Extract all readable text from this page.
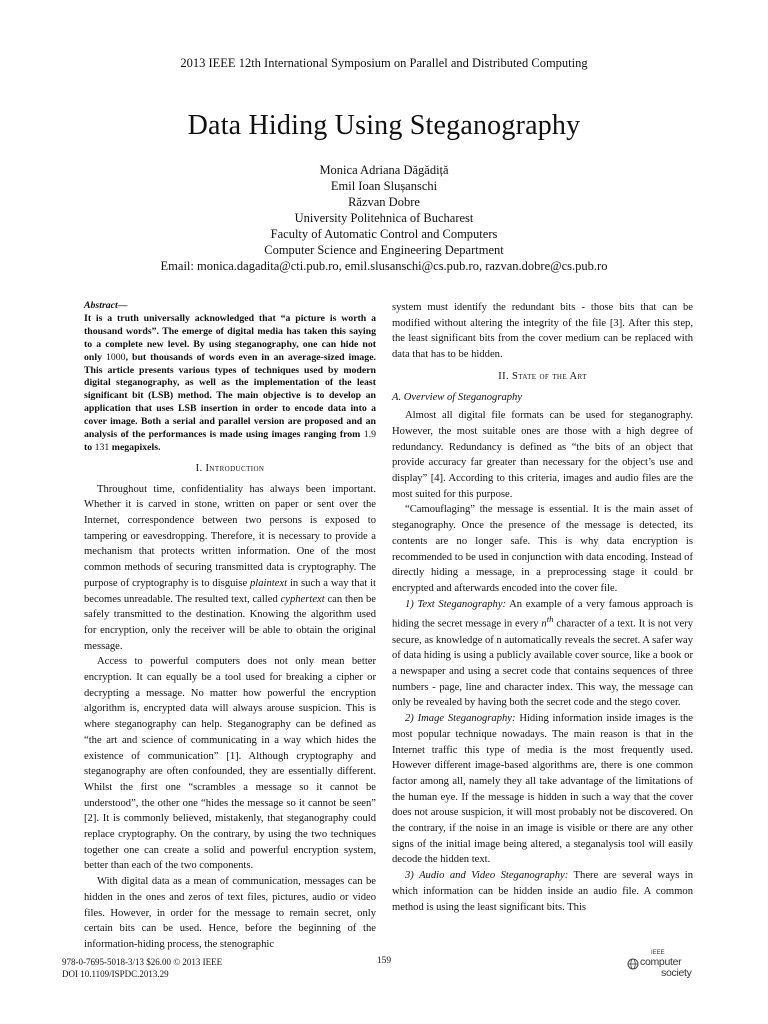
2013 IEEE 12th International Symposium on Parallel and Distributed Computing
Data Hiding Using Steganography
Monica Adriana Dăgădiță
Emil Ioan Slușanschi
Răzvan Dobre
University Politehnica of Bucharest
Faculty of Automatic Control and Computers
Computer Science and Engineering Department
Email: monica.dagadita@cti.pub.ro, emil.slusanschi@cs.pub.ro, razvan.dobre@cs.pub.ro
Abstract—
It is a truth universally acknowledged that “a picture is worth a thousand words”. The emerge of digital media has taken this saying to a complete new level. By using steganography, one can hide not only 1000, but thousands of words even in an average-sized image. This article presents various types of techniques used by modern digital steganography, as well as the implementation of the least significant bit (LSB) method. The main objective is to develop an application that uses LSB insertion in order to encode data into a cover image. Both a serial and parallel version are proposed and an analysis of the performances is made using images ranging from 1.9 to 131 megapixels.
I. Introduction

Throughout time, confidentiality has always been important. Whether it is carved in stone, written on paper or sent over the Internet, correspondence between two persons is exposed to tampering or eavesdropping. Therefore, it is necessary to provide a mechanism that protects written information. One of the most common methods of securing transmitted data is cryptography. The purpose of cryptography is to disguise plaintext in such a way that it becomes unreadable. The resulted text, called cyphertext can then be safely transmitted to the destination. Knowing the algorithm used for encryption, only the receiver will be able to obtain the original message.

Access to powerful computers does not only mean better encryption. It can equally be a tool used for breaking a cipher or decrypting a message. No matter how powerful the encryption algorithm is, encrypted data will always arouse suspicion. This is where steganography can help. Steganography can be defined as “the art and science of communicating in a way which hides the existence of communication” [1]. Although cryptography and steganography are often confounded, they are essentially different. Whilst the first one “scrambles a message so it cannot be understood”, the other one “hides the message so it cannot be seen” [2]. It is commonly believed, mistakenly, that steganography could replace cryptography. On the contrary, by using the two techniques together one can create a solid and powerful encryption system, better than each of the two components.

With digital data as a mean of communication, messages can be hidden in the ones and zeros of text files, pictures, audio or video files. However, in order for the message to remain secret, only certain bits can be used. Hence, before the beginning of the information-hiding process, the stenographic

system must identify the redundant bits - those bits that can be modified without altering the integrity of the file [3]. After this step, the least significant bits from the cover medium can be replaced with data that has to be hidden.

II. State of the Art
A. Overview of Steganography

Almost all digital file formats can be used for steganography. However, the most suitable ones are those with a high degree of redundancy. Redundancy is defined as “the bits of an object that provide accuracy far greater than necessary for the object’s use and display” [4]. According to this criteria, images and audio files are the most suited for this purpose.

“Camouflaging” the message is essential. It is the main asset of steganography. Once the presence of the message is detected, its contents are no longer safe. This is why data encryption is recommended to be used in conjunction with data encoding. Instead of directly hiding a message, in a preprocessing stage it could br encrypted and afterwards encoded into the cover file.

1) Text Steganography: An example of a very famous approach is hiding the secret message in every $n^{th}$ character of a text. It is not very secure, as knowledge of n automatically reveals the secret. A safer way of data hiding is using a publicly available cover source, like a book or a newspaper and using a secret code that contains sequences of three numbers - page, line and character index. This way, the message can only be revealed by having both the secret code and the stego cover.

2) Image Steganography: Hiding information inside images is the most popular technique nowadays. The main reason is that in the Internet traffic this type of media is the most frequently used. However different image-based algorithms are, there is one common factor among all, namely they all take advantage of the limitations of the human eye. If the message is hidden in such a way that the cover does not arouse suspicion, it will most probably not be discovered. On the contrary, if the noise in an image is visible or there are any other signs of the initial image being altered, a steganalysis tool will easily decode the hidden text.

3) Audio and Video Steganography: There are several ways in which information can be hidden inside an audio file. A common method is using the least significant bits. This

978-0-7695-5018-3/13 $26.00 © 2013 IEEE
DOI 10.1109/ISPDC.2013.29
159
IEEE
computer
society
